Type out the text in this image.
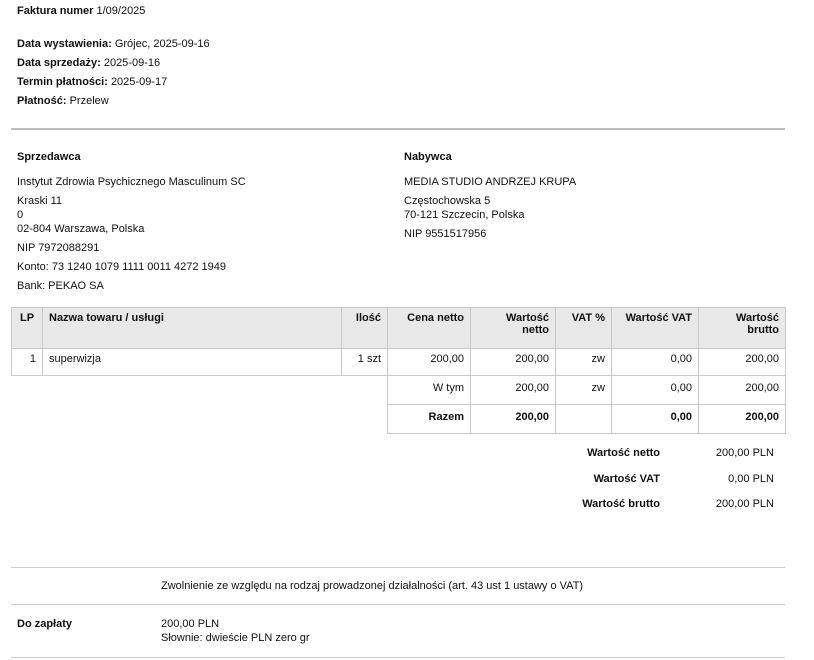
Faktura numer 1/09/2025
Data wystawienia: Grójec, 2025-09-16
Data sprzedaży: 2025-09-16
Termin płatności: 2025-09-17
Płatność: Przelew
Sprzedawca
Instytut Zdrowia Psychicznego Masculinum SC
Kraski 11
0
02-804 Warszawa, Polska
NIP 7972088291
Konto: 73 1240 1079 1111 0011 4272 1949
Bank: PEKAO SA
Nabywca
MEDIA STUDIO ANDRZEJ KRUPA
Częstochowska 5
70-121 Szczecin, Polska
NIP 9551517956
LP	Nazwa towaru / usługi	Ilość	Cena netto	Wartość netto	VAT %	Wartość VAT	Wartość brutto
1	superwizja	1 szt	200,00	200,00	zw	0,00	200,00
			W tym	200,00	zw	0,00	200,00
			Razem	200,00		0,00	200,00
Wartość netto	200,00 PLN
Wartość VAT	0,00 PLN
Wartość brutto	200,00 PLN
Zwolnienie ze względu na rodzaj prowadzonej działalności (art. 43 ust 1 ustawy o VAT)
Do zapłaty	200,00 PLN
Słownie: dwieście PLN zero gr
